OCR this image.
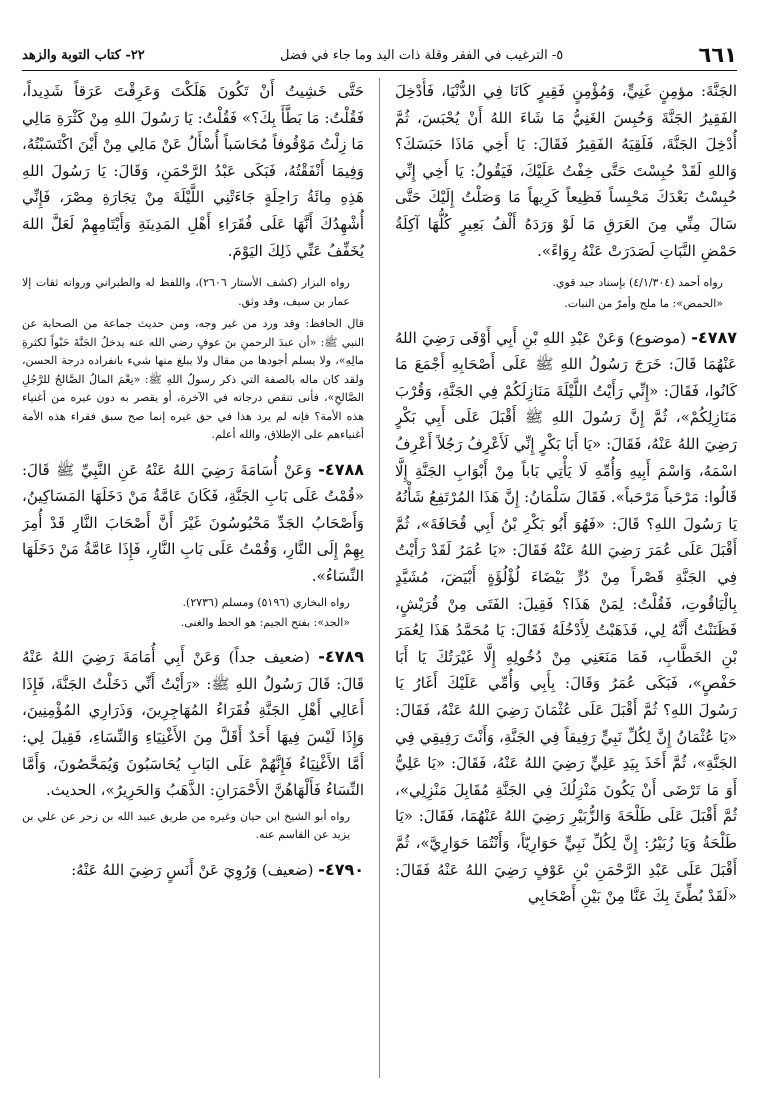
٦٦١
٥- الترغيب في الفقر وقلة ذات اليد وما جاء في فضل
٢٢- كتاب التوبة والزهد

الجَنَّةَ: مؤمِنٍ غَنِيٍّ، وَمُؤْمِنٍ فَقِيرٍ كَانَا فِي الدُّنْيَا، فَأُدْخِلَ الفَقِيرُ الجَنَّةَ وَحُبِسَ الغَنِيُّ مَا شَاءَ اللهُ أَنْ يُحْبَسَ، ثُمَّ أُدْخِلَ الجَنَّةَ، فَلَقِيَهُ الفَقِيرُ فَقَالَ: يَا أَخِي مَاذَا حَبَسَكَ؟ وَاللهِ لَقَدْ حُبِسْتَ حَتَّى خِفْتُ عَلَيْكَ، فَيَقُولُ: يَا أَخِي إِنِّي حُبِسْتُ بَعْدَكَ مَحْبِساً فَظِيعاً كَرِيهاً مَا وَصَلْتُ إِلَيْكَ حَتَّى سَالَ مِنِّي مِنَ العَرَقِ مَا لَوْ وَرَدَهُ أَلْفُ بَعِيرٍ كُلُّهَا آكِلَةُ حَمْضِ النَّبَاتِ لَصَدَرَتْ عَنْهُ رِوَاءً».

رواه أحمد (٤/١/٣٠٤) بإسناد جيد قوي.

«الحمض»: ما ملح وأمرّ من النبات.

٤٧٨٧- (موضوع) وَعَنْ عَبْدِ اللهِ بْنِ أَبِي أَوْفَى رَضِيَ اللهُ عَنْهُمَا قَالَ: خَرَجَ رَسُولُ اللهِ ﷺ عَلَى أَصْحَابِهِ أَجْمَعَ مَا كَانُوا، فَقَالَ: «إِنِّي رَأَيْتُ اللَّيْلَةَ مَنَازِلَكُمْ فِي الجَنَّةِ، وَقُرْبَ مَنَازِلِكُمْ»، ثُمَّ إِنَّ رَسُولَ اللهِ ﷺ أَقْبَلَ عَلَى أَبِي بَكْرٍ رَضِيَ اللهُ عَنْهُ، فَقَالَ: «يَا أَبَا بَكْرٍ إِنِّي لَأَعْرِفُ رَجُلاً أَعْرِفُ اسْمَهُ، وَاسْمَ أَبِيهِ وَأُمِّهِ لَا يَأْتِي بَاباً مِنْ أَبْوَابِ الجَنَّةِ إِلَّا قَالُوا: مَرْحَباً مَرْحَباً». فَقَالَ سَلْمَانُ: إِنَّ هَذَا المُرْتَفِعُ شَأْنُهُ يَا رَسُولَ اللهِ؟ قَالَ: «فَهُوَ أَبُو بَكْرِ بْنُ أَبِي قُحَافَةَ»، ثُمَّ أَقْبَلَ عَلَى عُمَرَ رَضِيَ اللهُ عَنْهُ فَقَالَ: «يَا عُمَرُ لَقَدْ رَأَيْتُ فِي الجَنَّةِ قَصْراً مِنْ دُرٍّ بَيْضَاءَ لُؤْلُؤَةٍ أَبْيَضَ، مُشَيَّدٍ بِالْيَاقُوتِ، فَقُلْتُ: لِمَنْ هَذَا؟ فَقِيلَ: الفَتَى مِنْ قُرَيْشٍ، فَظَنَنْتُ أَنَّهُ لِي، فَذَهَبْتُ لِأَدْخُلَهُ فَقَالَ: يَا مُحَمَّدُ هَذَا لِعُمَرَ بْنِ الخَطَّابِ، فَمَا مَنَعَنِي مِنْ دُخُولِهِ إِلَّا غَيْرَتُكَ يَا أَبَا حَفْصٍ»، فَبَكَى عُمَرُ وَقَالَ: بِأَبِي وَأُمِّي عَلَيْكَ أَغَارُ يَا رَسُولَ اللهِ؟ ثُمَّ أَقْبَلَ عَلَى عُثْمَانَ رَضِيَ اللهُ عَنْهُ، فَقَالَ: «يَا عُثْمَانُ إِنَّ لِكُلِّ نَبِيٍّ رَفِيقاً فِي الجَنَّةِ، وَأَنْتَ رَفِيقِي فِي الجَنَّةِ»، ثُمَّ أَخَذَ بِيَدِ عَلِيٍّ رَضِيَ اللهُ عَنْهُ، فَقَالَ: «يَا عَلِيُّ أَوَ مَا تَرْضَى أَنْ يَكُونَ مَنْزِلُكَ فِي الجَنَّةِ مُقَابِلَ مَنْزِلِي»، ثُمَّ أَقْبَلَ عَلَى طَلْحَةَ وَالزُّبَيْرِ رَضِيَ اللهُ عَنْهُمَا، فَقَالَ: «يَا طَلْحَةُ وَيَا زُبَيْرُ: إِنَّ لِكُلِّ نَبِيٍّ حَوَارِيّاً، وَأَنْتُمَا حَوَارِيَّ»، ثُمَّ أَقْبَلَ عَلَى عَبْدِ الرَّحْمَنِ بْنِ عَوْفٍ رَضِيَ اللهُ عَنْهُ فَقَالَ: «لَقَدْ بُطِّئَ بِكَ عَنَّا مِنْ بَيْنِ أَصْحَابِي

حَتَّى خَشِيتُ أَنْ تَكُونَ هَلَكْتَ وَعَرِقْتَ عَرَقاً شَدِيداً، فَقُلْتُ: مَا بَطَّأَ بِكَ؟» فَقُلْتُ: يَا رَسُولَ اللهِ مِنْ كَثْرَةِ مَالِي مَا زِلْتُ مَوْقُوفاً مُحَاسَباً أُسْأَلُ عَنْ مَالِي مِنْ أَيْنَ اكْتَسَبْتُهُ، وَفِيمَا أَنْفَقْتُهُ، فَبَكَى عَبْدُ الرَّحْمَنِ، وَقَالَ: يَا رَسُولَ اللهِ هَذِهِ مِائَةُ رَاحِلَةٍ جَاءَتْنِي اللَّيْلَةَ مِنْ تِجَارَةِ مِصْرَ، فَإِنِّي أُشْهِدُكَ أَنَّهَا عَلَى فُقَرَاءِ أَهْلِ المَدِينَةِ وَأَيْتَامِهِمْ لَعَلَّ اللهَ يُخَفِّفُ عَنِّي ذَلِكَ اليَوْمَ.

رواه البزار (كشف الأستار ٢٦٠٦)، واللفظ له والطبراني ورواته ثقات إلا عمار بن سيف، وقد وثق.

قال الحافظ: وقد ورد من غير وجه، ومن حديث جماعة من الصحابة عن النبي ﷺ: «أن عبدَ الرحمنِ بنَ عوفٍ رضي الله عنه يدخلُ الجَنَّةَ حَبْواً لكثرةِ مالِهِ»، ولا يسلم أجودها من مقال ولا يبلغ منها شيء بانفراده درجة الحسن، ولقد كان ماله بالصفة التي ذكر رسولُ اللهِ ﷺ: «نِعْمَ المالُ الصَّالحُ للرَّجُلِ الصَّالحِ»، فأنى تنقص درجاته في الآخرة، أو يقصر به دون غيره من أغنياء هذه الأمة؟ فإنه لم يرد هذا في حق غيره إنما صح سبق فقراء هذه الأمة أغنياءهم على الإطلاق، والله أعلم.

٤٧٨٨- وَعَنْ أُسَامَةَ رَضِيَ اللهُ عَنْهُ عَنِ النَّبِيِّ ﷺ قَالَ: «قُمْتُ عَلَى بَابِ الجَنَّةِ، فَكَانَ عَامَّةُ مَنْ دَخَلَهَا المَسَاكِينُ، وَأَصْحَابُ الجَدِّ مَحْبُوسُونَ غَيْرَ أَنَّ أَصْحَابَ النَّارِ قَدْ أُمِرَ بِهِمْ إِلَى النَّارِ، وَقُمْتُ عَلَى بَابِ النَّارِ، فَإِذَا عَامَّةُ مَنْ دَخَلَهَا النِّسَاءُ».

رواه البخاري (٥١٩٦) ومسلم (٢٧٣٦).

«الجد»: بفتح الجيم: هو الحظ والغنى.

٤٧٨٩- (ضعيف جداً) وَعَنْ أَبِي أُمَامَةَ رَضِيَ اللهُ عَنْهُ قَالَ: قَالَ رَسُولُ اللهِ ﷺ: «رَأَيْتُ أَنِّي دَخَلْتُ الجَنَّةَ، فَإِذَا أَعَالِي أَهْلِ الجَنَّةِ فُقَرَاءُ المُهَاجِرِينَ، وَذَرَارِي المُؤْمِنِينَ، وَإِذَا لَيْسَ فِيهَا أَحَدٌ أَقَلَّ مِنَ الأَغْنِيَاءِ وَالنِّسَاءِ، فَقِيلَ لِي: أَمَّا الأَغْنِيَاءُ فَإِنَّهُمْ عَلَى البَابِ يُحَاسَبُونَ وَيُمَحَّصُونَ، وَأَمَّا النِّسَاءُ فَأَلْهَاهُنَّ الأَحْمَرَانِ: الذَّهَبُ وَالحَرِيرُ»، الحديث.

رواه أبو الشيخ ابن حيان وغيره من طريق عبيد الله بن زحر عن علي بن يزيد عن القاسم عنه.

٤٧٩٠- (ضعيف) وَرُوِيَ عَنْ أَنَسٍ رَضِيَ اللهُ عَنْهُ:
